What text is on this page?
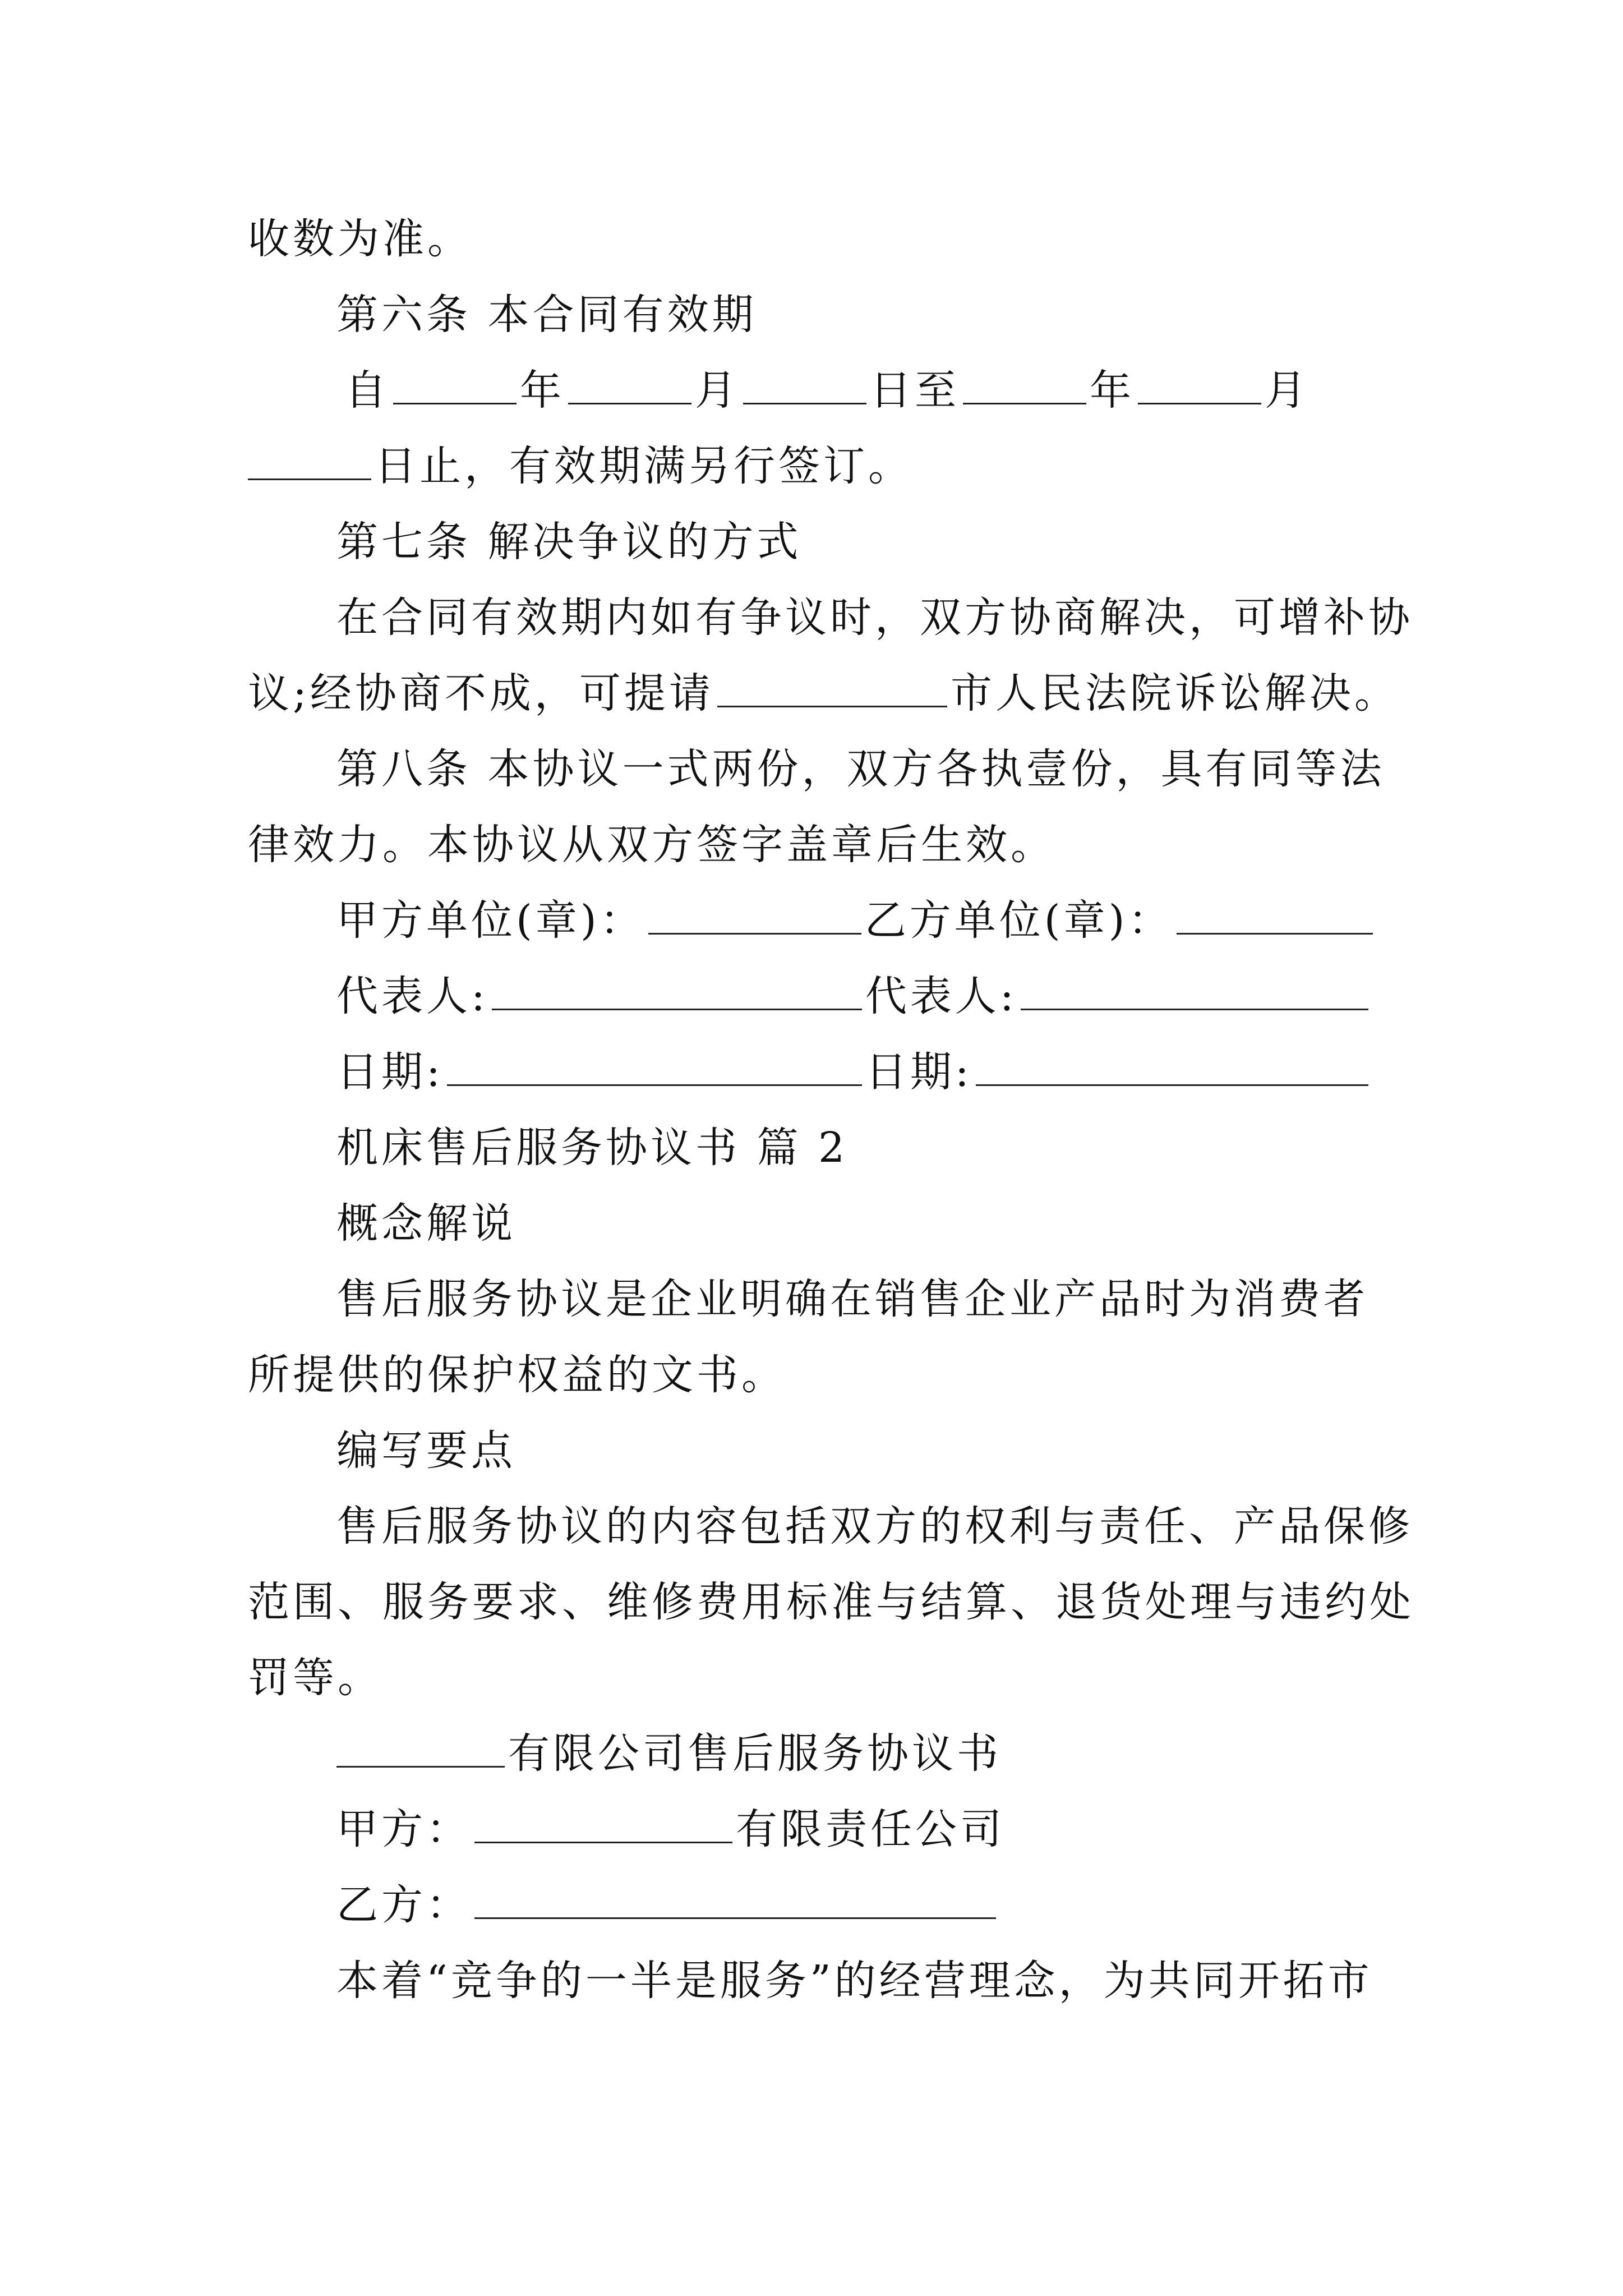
收数为准。
第六条 本合同有效期
自	年	月	日至	年	月
日止，有效期满另行签订。
第七条 解决争议的方式
在合同有效期内如有争议时，双方协商解决，可增补协
议;经协商不成，可提请	市人民法院诉讼解决。
第八条 本协议一式两份，双方各执壹份，具有同等法
律效力。本协议从双方签字盖章后生效。
甲方单位(章)：	乙方单位(章)：
代表人:	代表人:
日期:	日期:
机床售后服务协议书 篇 2
概念解说
售后服务协议是企业明确在销售企业产品时为消费者
所提供的保护权益的文书。
编写要点
售后服务协议的内容包括双方的权利与责任、产品保修
范围、服务要求、维修费用标准与结算、退货处理与违约处
罚等。
有限公司售后服务协议书
甲方：	有限责任公司
乙方：
本着“竞争的一半是服务”的经营理念，为共同开拓市
